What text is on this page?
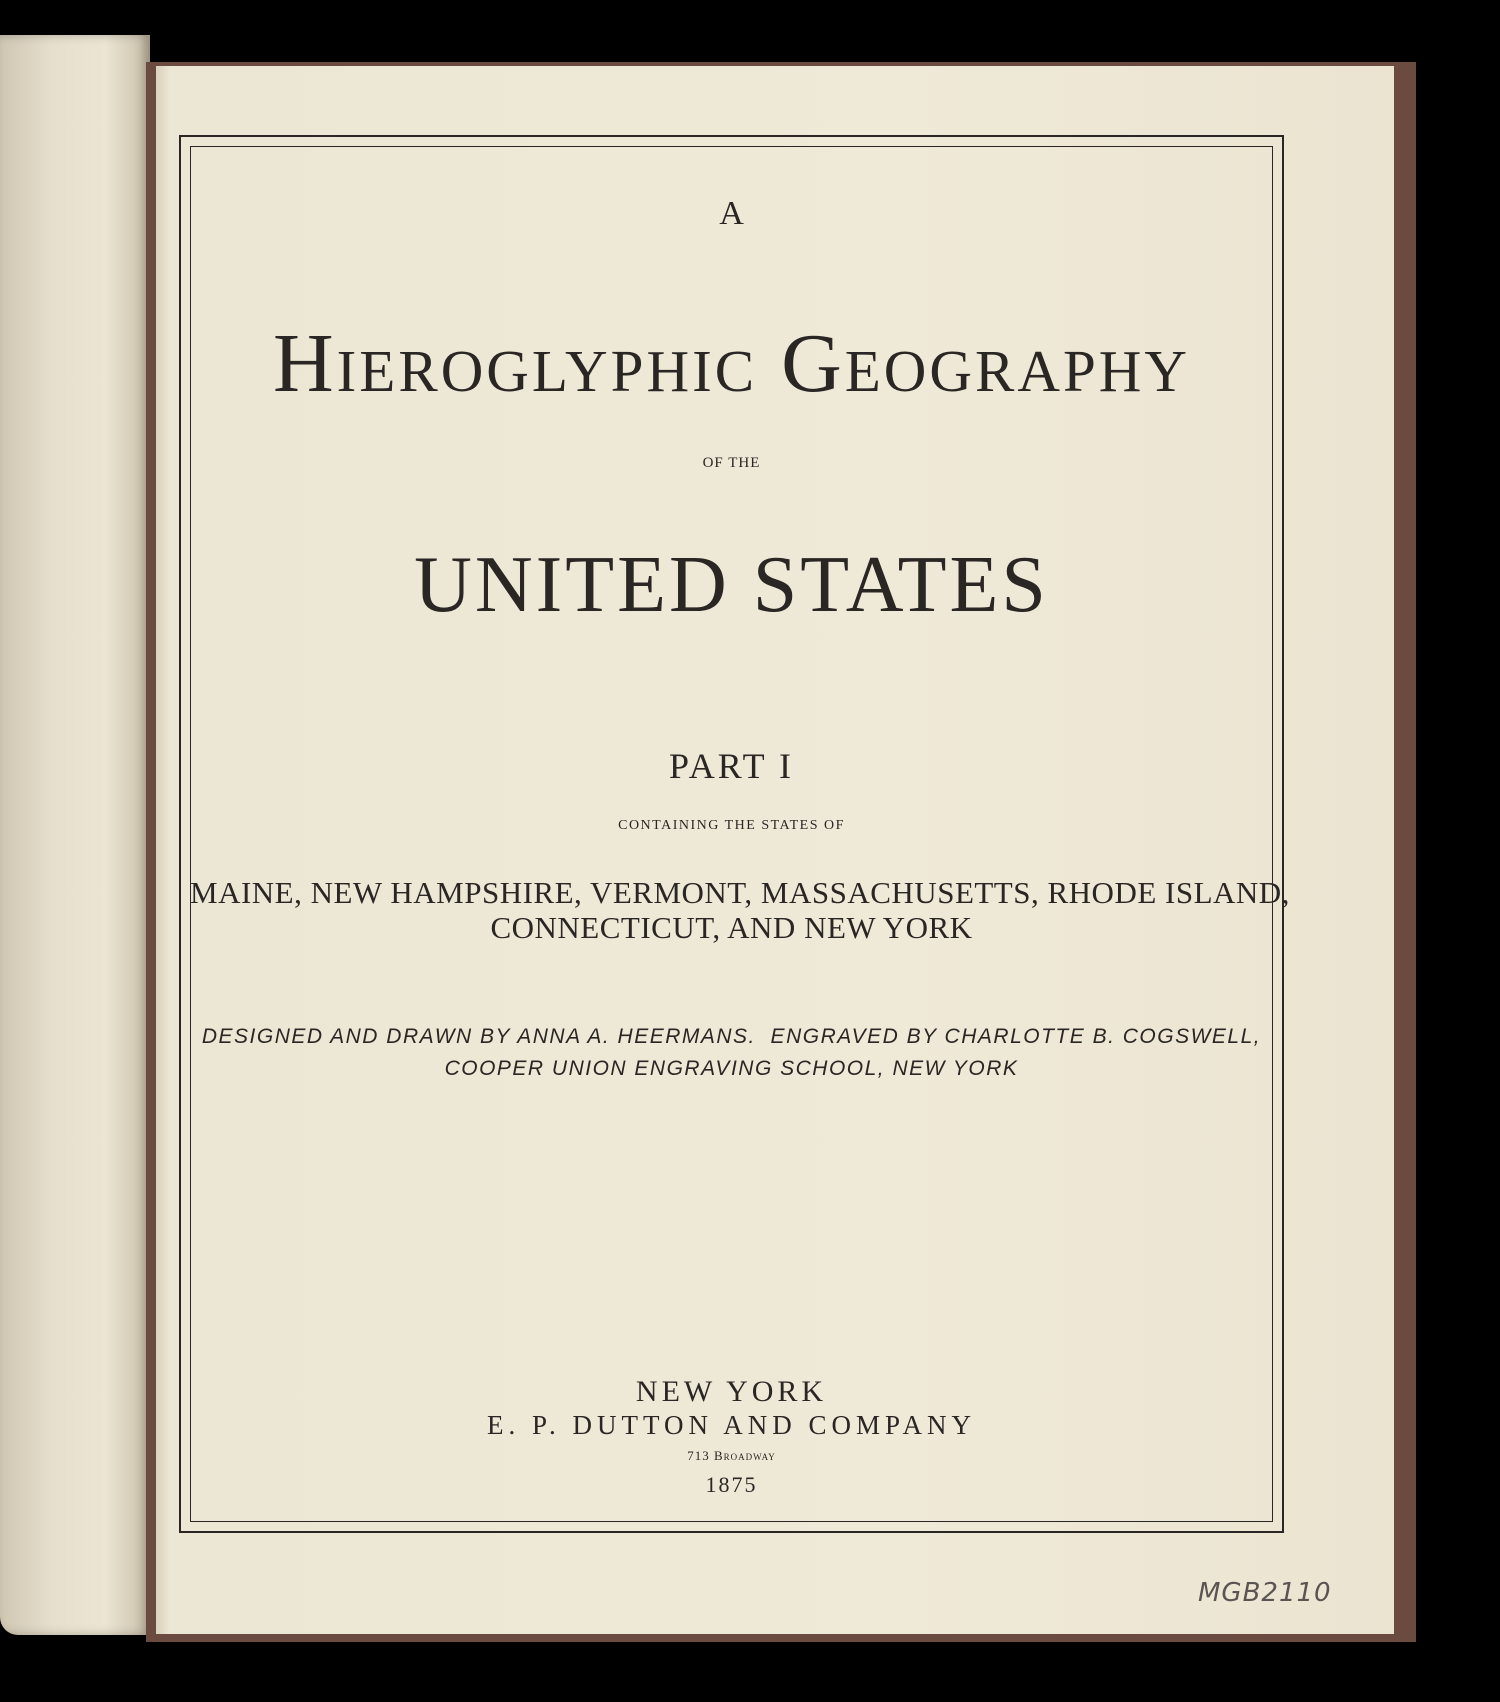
A
Hieroglyphic Geography
OF THE
UNITED STATES
PART I
CONTAINING THE STATES OF
MAINE, NEW HAMPSHIRE, VERMONT, MASSACHUSETTS, RHODE ISLAND,
CONNECTICUT, AND NEW YORK
DESIGNED AND DRAWN BY ANNA A. HEERMANS.  ENGRAVED BY CHARLOTTE B. COGSWELL,
COOPER UNION ENGRAVING SCHOOL, NEW YORK
NEW YORK
E. P. DUTTON AND COMPANY
713 Broadway
1875
MGB2110
